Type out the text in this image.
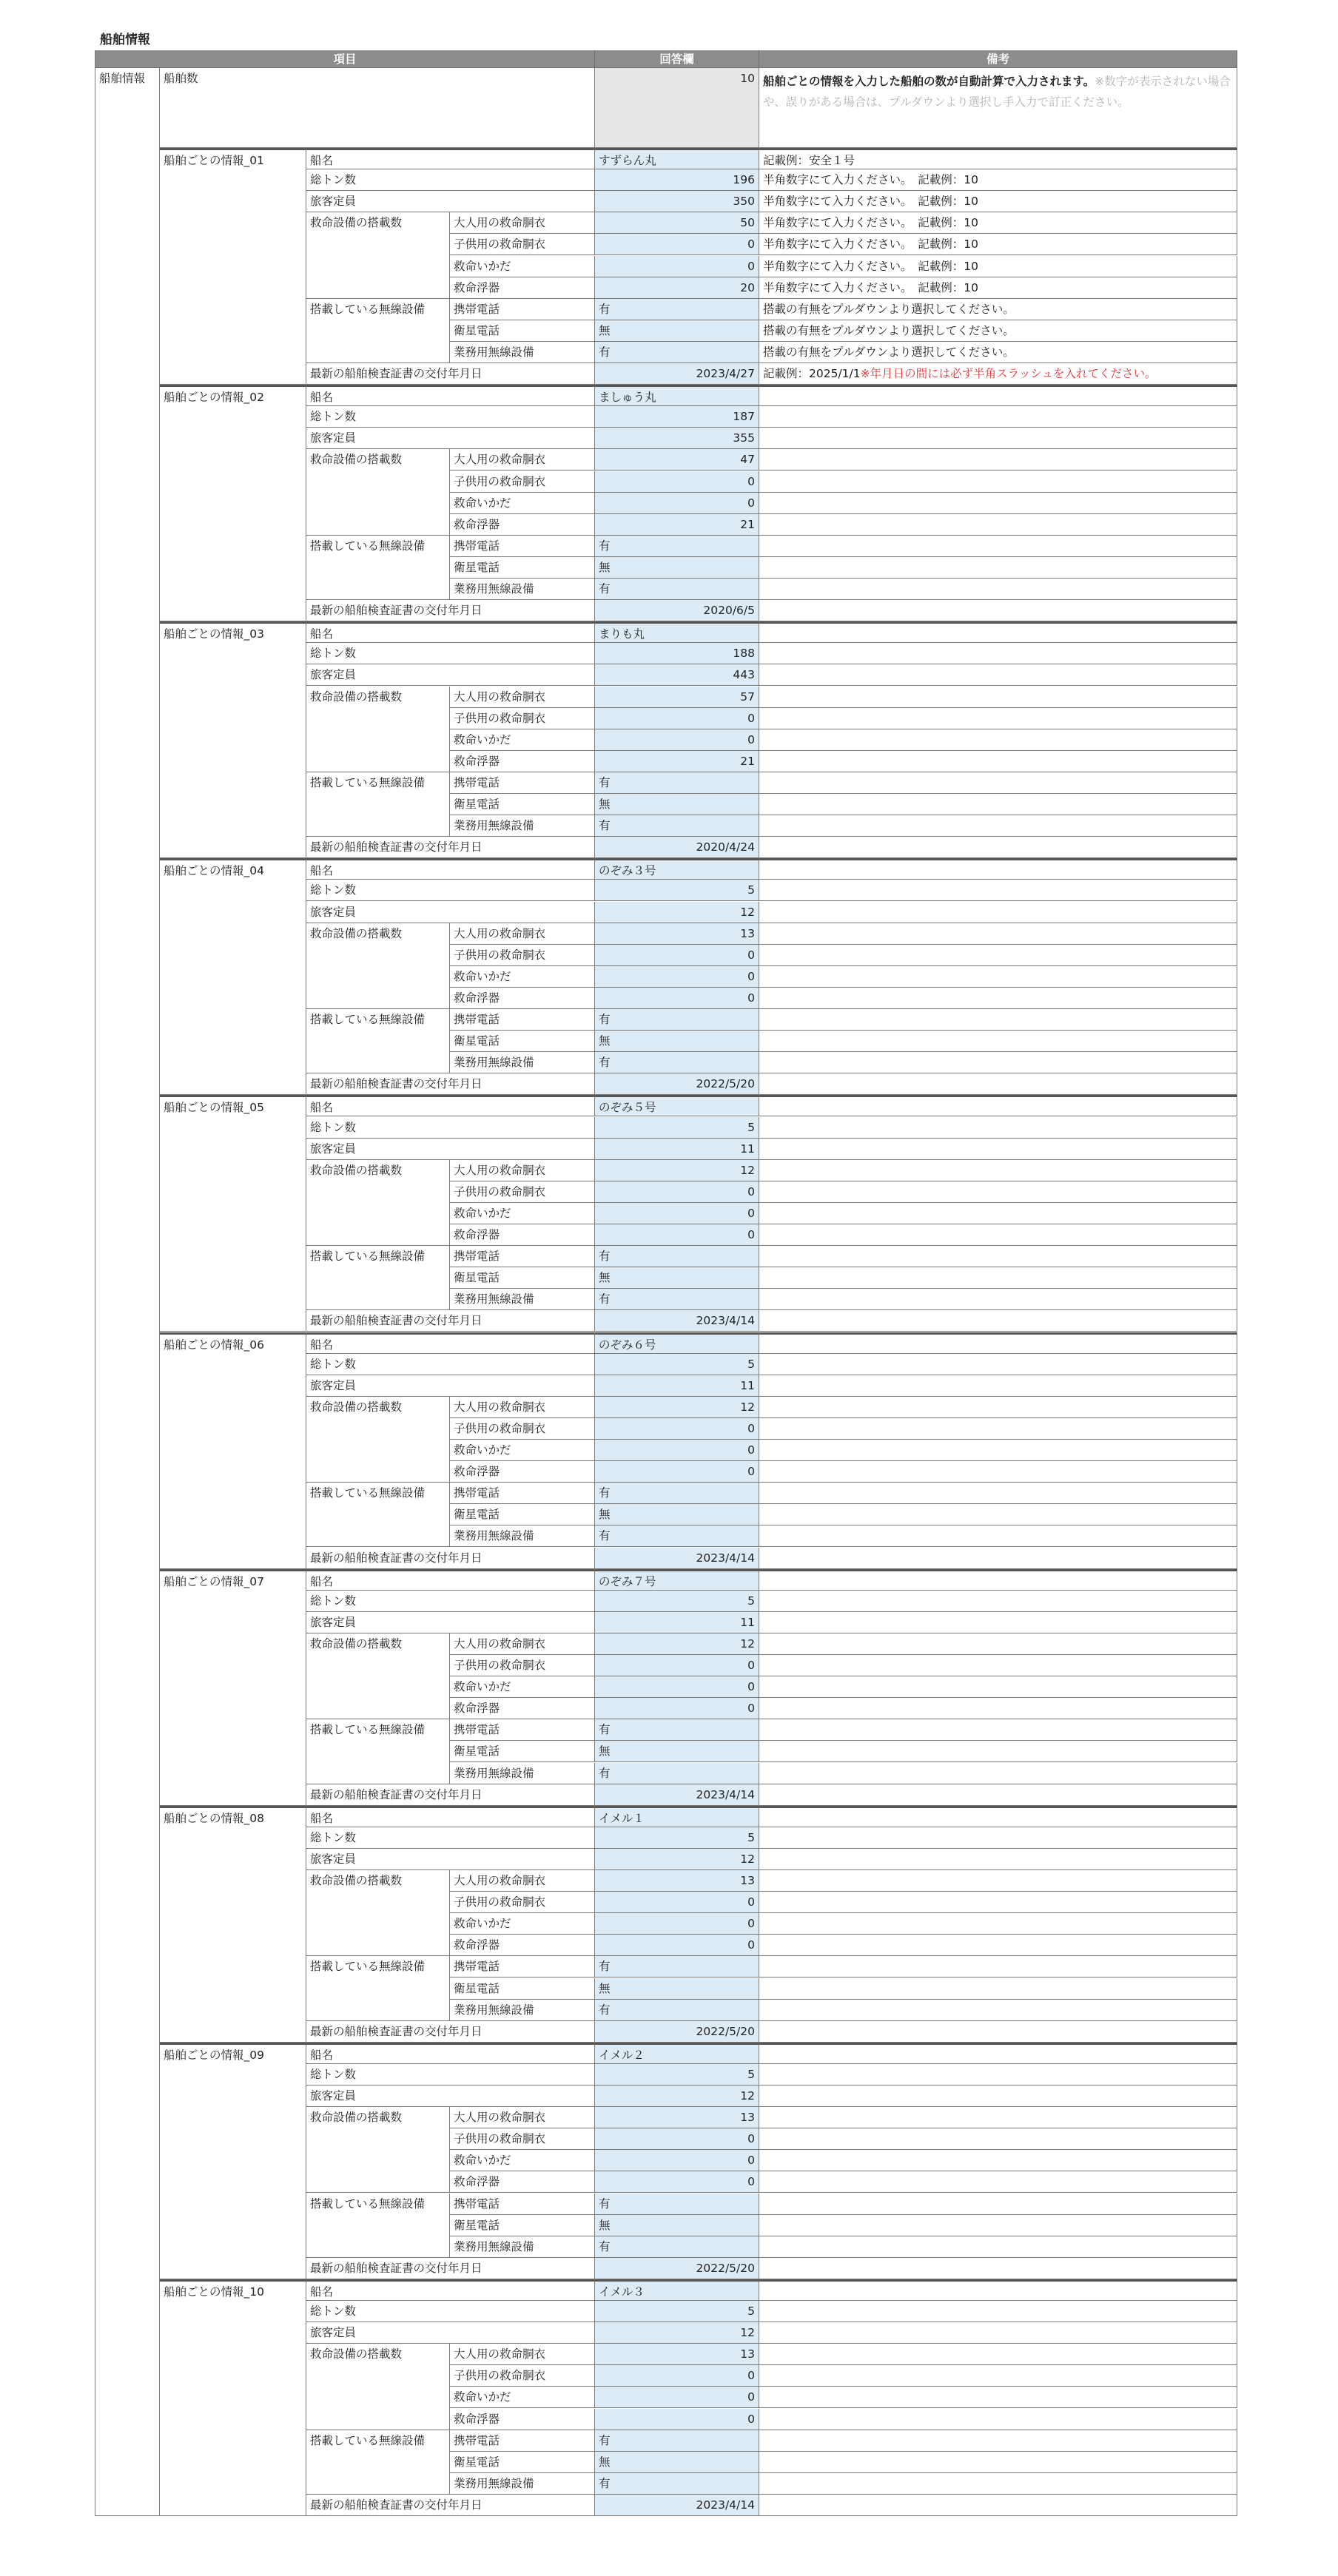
船舶情報
項目	回答欄	備考
船舶情報	船舶数	10 船舶ごとの情報を入力した船舶の数が自動計算で入力されます。※数字が表示されない場合や、誤りがある場合は、プルダウンより選択し手入力で訂正ください。
船舶ごとの情報_01	船名	すずらん丸	記載例：安全１号
総トン数	196 半角数字にて入力ください。　記載例：10
旅客定員	350 半角数字にて入力ください。　記載例：10
救命設備の搭載数	大人用の救命胴衣	50 半角数字にて入力ください。　記載例：10
子供用の救命胴衣	0 半角数字にて入力ください。　記載例：10
救命いかだ	0 半角数字にて入力ください。　記載例：10
救命浮器	20 半角数字にて入力ください。　記載例：10
搭載している無線設備	携帯電話	有	搭載の有無をプルダウンより選択してください。
衛星電話	無	搭載の有無をプルダウンより選択してください。
業務用無線設備	有	搭載の有無をプルダウンより選択してください。
最新の船舶検査証書の交付年月日	2023/4/27 記載例：2025/1/1※年月日の間には必ず半角スラッシュを入れてください。
船舶ごとの情報_02	船名	ましゅう丸
総トン数	187
旅客定員	355
救命設備の搭載数	大人用の救命胴衣	47
子供用の救命胴衣	0
救命いかだ	0
救命浮器	21
搭載している無線設備	携帯電話	有
衛星電話	無
業務用無線設備	有
最新の船舶検査証書の交付年月日	2020/6/5
船舶ごとの情報_03	船名	まりも丸
総トン数	188
旅客定員	443
救命設備の搭載数	大人用の救命胴衣	57
子供用の救命胴衣	0
救命いかだ	0
救命浮器	21
搭載している無線設備	携帯電話	有
衛星電話	無
業務用無線設備	有
最新の船舶検査証書の交付年月日	2020/4/24
船舶ごとの情報_04	船名	のぞみ３号
総トン数	5
旅客定員	12
救命設備の搭載数	大人用の救命胴衣	13
子供用の救命胴衣	0
救命いかだ	0
救命浮器	0
搭載している無線設備	携帯電話	有
衛星電話	無
業務用無線設備	有
最新の船舶検査証書の交付年月日	2022/5/20
船舶ごとの情報_05	船名	のぞみ５号
総トン数	5
旅客定員	11
救命設備の搭載数	大人用の救命胴衣	12
子供用の救命胴衣	0
救命いかだ	0
救命浮器	0
搭載している無線設備	携帯電話	有
衛星電話	無
業務用無線設備	有
最新の船舶検査証書の交付年月日	2023/4/14
船舶ごとの情報_06	船名	のぞみ６号
総トン数	5
旅客定員	11
救命設備の搭載数	大人用の救命胴衣	12
子供用の救命胴衣	0
救命いかだ	0
救命浮器	0
搭載している無線設備	携帯電話	有
衛星電話	無
業務用無線設備	有
最新の船舶検査証書の交付年月日	2023/4/14
船舶ごとの情報_07	船名	のぞみ７号
総トン数	5
旅客定員	11
救命設備の搭載数	大人用の救命胴衣	12
子供用の救命胴衣	0
救命いかだ	0
救命浮器	0
搭載している無線設備	携帯電話	有
衛星電話	無
業務用無線設備	有
最新の船舶検査証書の交付年月日	2023/4/14
船舶ごとの情報_08	船名	イメル１
総トン数	5
旅客定員	12
救命設備の搭載数	大人用の救命胴衣	13
子供用の救命胴衣	0
救命いかだ	0
救命浮器	0
搭載している無線設備	携帯電話	有
衛星電話	無
業務用無線設備	有
最新の船舶検査証書の交付年月日	2022/5/20
船舶ごとの情報_09	船名	イメル２
総トン数	5
旅客定員	12
救命設備の搭載数	大人用の救命胴衣	13
子供用の救命胴衣	0
救命いかだ	0
救命浮器	0
搭載している無線設備	携帯電話	有
衛星電話	無
業務用無線設備	有
最新の船舶検査証書の交付年月日	2022/5/20
船舶ごとの情報_10	船名	イメル３
総トン数	5
旅客定員	12
救命設備の搭載数	大人用の救命胴衣	13
子供用の救命胴衣	0
救命いかだ	0
救命浮器	0
搭載している無線設備	携帯電話	有
衛星電話	無
業務用無線設備	有
最新の船舶検査証書の交付年月日	2023/4/14
